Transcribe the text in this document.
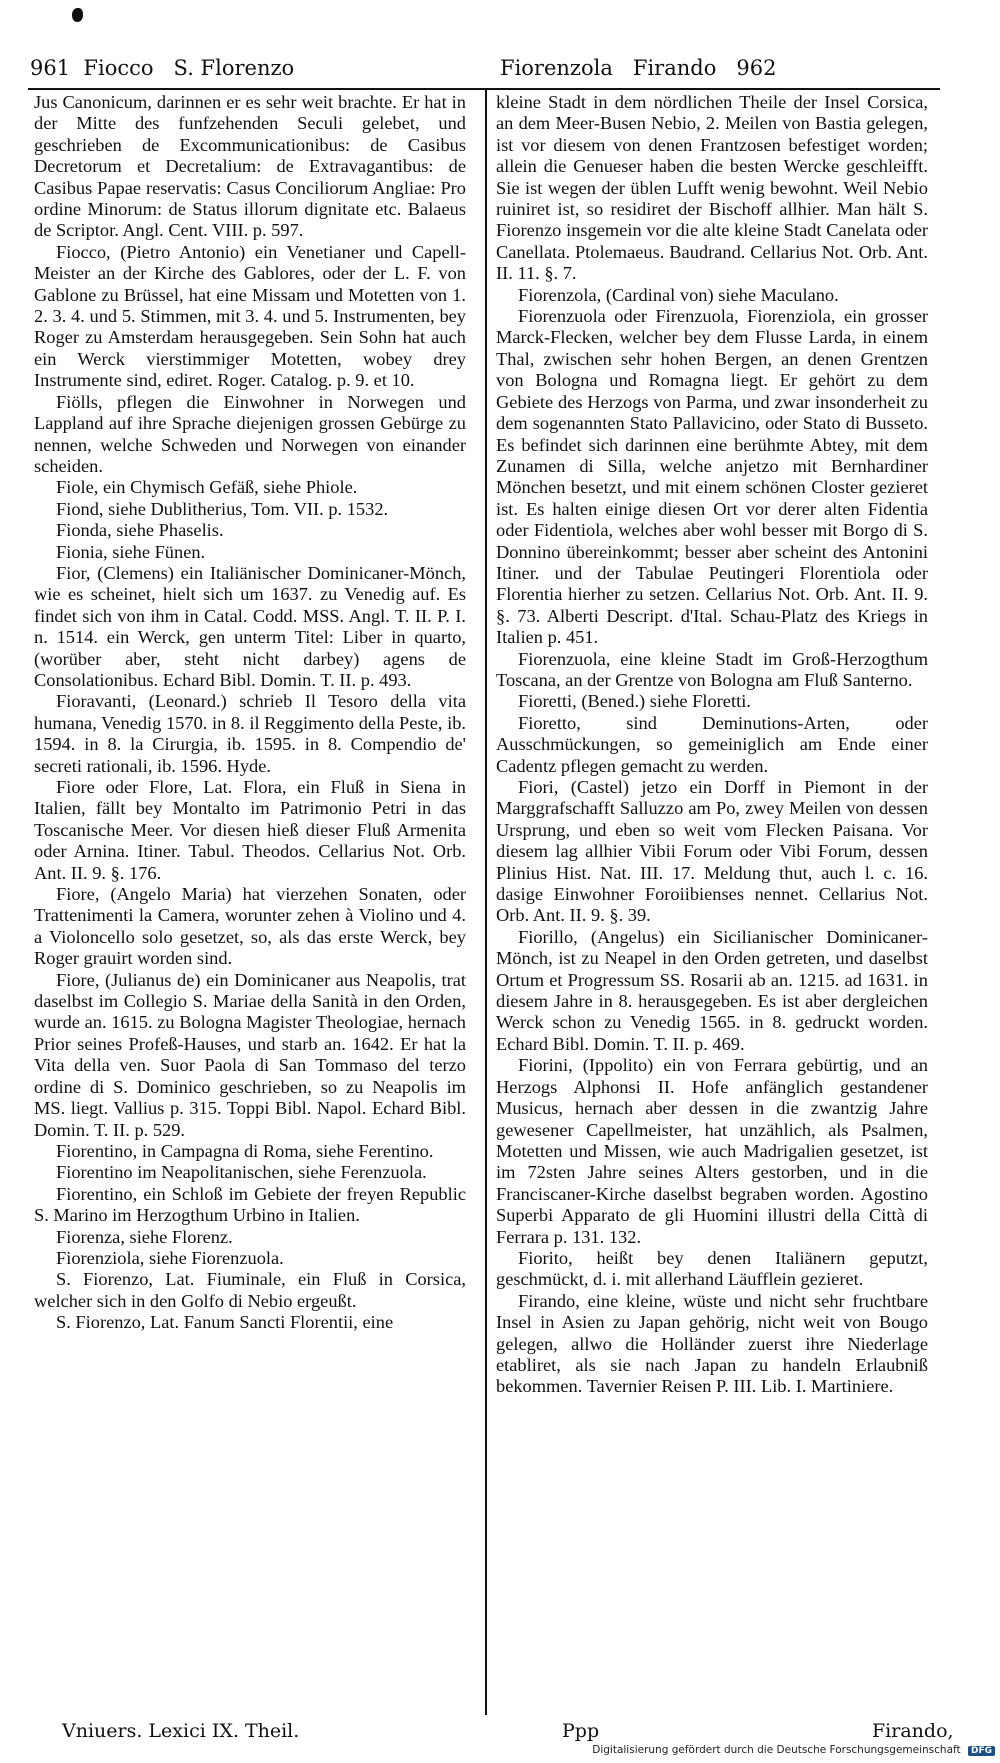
961  Fiocco   S. Florenzo	Fiorenzola   Firando   962

Jus Canonicum, darinnen er es sehr weit brachte. Er hat in der Mitte des funfzehenden Seculi gelebet, und geschrieben de Excommunicationibus: de Casibus Decretorum et Decretalium: de Extravagantibus: de Casibus Papae reservatis: Casus Conciliorum Angliae: Pro ordine Minorum: de Status illorum dignitate etc. Balaeus de Scriptor. Angl. Cent. VIII. p. 597.

Fiocco, (Pietro Antonio) ein Venetianer und Capell-Meister an der Kirche des Gablores, oder der L. F. von Gablone zu Brüssel, hat eine Missam und Motetten von 1. 2. 3. 4. und 5. Stimmen, mit 3. 4. und 5. Instrumenten, bey Roger zu Amsterdam herausgegeben. Sein Sohn hat auch ein Werck vierstimmiger Motetten, wobey drey Instrumente sind, ediret. Roger. Catalog. p. 9. et 10.

Fiölls, pflegen die Einwohner in Norwegen und Lappland auf ihre Sprache diejenigen grossen Gebürge zu nennen, welche Schweden und Norwegen von einander scheiden.

Fiole, ein Chymisch Gefäß, siehe Phiole.

Fiond, siehe Dublitherius, Tom. VII. p. 1532.

Fionda, siehe Phaselis.

Fionia, siehe Fünen.

Fior, (Clemens) ein Italiänischer Dominicaner-Mönch, wie es scheinet, hielt sich um 1637. zu Venedig auf. Es findet sich von ihm in Catal. Codd. MSS. Angl. T. II. P. I. n. 1514. ein Werck, gen unterm Titel: Liber in quarto, (worüber aber, steht nicht darbey) agens de Consolationibus. Echard Bibl. Domin. T. II. p. 493.

Fioravanti, (Leonard.) schrieb Il Tesoro della vita humana, Venedig 1570. in 8. il Reggimento della Peste, ib. 1594. in 8. la Cirurgia, ib. 1595. in 8. Compendio de' secreti rationali, ib. 1596. Hyde.

Fiore oder Flore, Lat. Flora, ein Fluß in Siena in Italien, fällt bey Montalto im Patrimonio Petri in das Toscanische Meer. Vor diesen hieß dieser Fluß Armenita oder Arnina. Itiner. Tabul. Theodos. Cellarius Not. Orb. Ant. II. 9. §. 176.

Fiore, (Angelo Maria) hat vierzehen Sonaten, oder Trattenimenti la Camera, worunter zehen à Violino und 4. a Violoncello solo gesetzet, so, als das erste Werck, bey Roger grauirt worden sind.

Fiore, (Julianus de) ein Dominicaner aus Neapolis, trat daselbst im Collegio S. Mariae della Sanità in den Orden, wurde an. 1615. zu Bologna Magister Theologiae, hernach Prior seines Profeß-Hauses, und starb an. 1642. Er hat la Vita della ven. Suor Paola di San Tommaso del terzo ordine di S. Dominico geschrieben, so zu Neapolis im MS. liegt. Vallius p. 315. Toppi Bibl. Napol. Echard Bibl. Domin. T. II. p. 529.

Fiorentino, in Campagna di Roma, siehe Ferentino.

Fiorentino im Neapolitanischen, siehe Ferenzuola.

Fiorentino, ein Schloß im Gebiete der freyen Republic S. Marino im Herzogthum Urbino in Italien.

Fiorenza, siehe Florenz.

Fiorenziola, siehe Fiorenzuola.

S. Fiorenzo, Lat. Fiuminale, ein Fluß in Corsica, welcher sich in den Golfo di Nebio ergeußt.

S. Fiorenzo, Lat. Fanum Sancti Florentii, eine

kleine Stadt in dem nördlichen Theile der Insel Corsica, an dem Meer-Busen Nebio, 2. Meilen von Bastia gelegen, ist vor diesem von denen Frantzosen befestiget worden; allein die Genueser haben die besten Wercke geschleifft. Sie ist wegen der üblen Lufft wenig bewohnt. Weil Nebio ruiniret ist, so residiret der Bischoff allhier. Man hält S. Fiorenzo insgemein vor die alte kleine Stadt Canelata oder Canellata. Ptolemaeus. Baudrand. Cellarius Not. Orb. Ant. II. 11. §. 7.

Fiorenzola, (Cardinal von) siehe Maculano.

Fiorenzuola oder Firenzuola, Fiorenziola, ein grosser Marck-Flecken, welcher bey dem Flusse Larda, in einem Thal, zwischen sehr hohen Bergen, an denen Grentzen von Bologna und Romagna liegt. Er gehört zu dem Gebiete des Herzogs von Parma, und zwar insonderheit zu dem sogenannten Stato Pallavicino, oder Stato di Busseto. Es befindet sich darinnen eine berühmte Abtey, mit dem Zunamen di Silla, welche anjetzo mit Bernhardiner Mönchen besetzt, und mit einem schönen Closter gezieret ist. Es halten einige diesen Ort vor derer alten Fidentia oder Fidentiola, welches aber wohl besser mit Borgo di S. Donnino übereinkommt; besser aber scheint des Antonini Itiner. und der Tabulae Peutingeri Florentiola oder Florentia hierher zu setzen. Cellarius Not. Orb. Ant. II. 9. §. 73. Alberti Descript. d'Ital. Schau-Platz des Kriegs in Italien p. 451.

Fiorenzuola, eine kleine Stadt im Groß-Herzogthum Toscana, an der Grentze von Bologna am Fluß Santerno.

Fioretti, (Bened.) siehe Floretti.

Fioretto, sind Deminutions-Arten, oder Ausschmückungen, so gemeiniglich am Ende einer Cadentz pflegen gemacht zu werden.

Fiori, (Castel) jetzo ein Dorff in Piemont in der Marggrafschafft Salluzzo am Po, zwey Meilen von dessen Ursprung, und eben so weit vom Flecken Paisana. Vor diesem lag allhier Vibii Forum oder Vibi Forum, dessen Plinius Hist. Nat. III. 17. Meldung thut, auch l. c. 16. dasige Einwohner Foroiibienses nennet. Cellarius Not. Orb. Ant. II. 9. §. 39.

Fiorillo, (Angelus) ein Sicilianischer Dominicaner-Mönch, ist zu Neapel in den Orden getreten, und daselbst Ortum et Progressum SS. Rosarii ab an. 1215. ad 1631. in diesem Jahre in 8. herausgegeben. Es ist aber dergleichen Werck schon zu Venedig 1565. in 8. gedruckt worden. Echard Bibl. Domin. T. II. p. 469.

Fiorini, (Ippolito) ein von Ferrara gebürtig, und an Herzogs Alphonsi II. Hofe anfänglich gestandener Musicus, hernach aber dessen in die zwantzig Jahre gewesener Capellmeister, hat unzählich, als Psalmen, Motetten und Missen, wie auch Madrigalien gesetzet, ist im 72sten Jahre seines Alters gestorben, und in die Franciscaner-Kirche daselbst begraben worden. Agostino Superbi Apparato de gli Huomini illustri della Città di Ferrara p. 131. 132.

Fiorito, heißt bey denen Italiänern geputzt, geschmückt, d. i. mit allerhand Läufflein gezieret.

Firando, eine kleine, wüste und nicht sehr fruchtbare Insel in Asien zu Japan gehörig, nicht weit von Bougo gelegen, allwo die Holländer zuerst ihre Niederlage etabliret, als sie nach Japan zu handeln Erlaubniß bekommen. Tavernier Reisen P. III. Lib. I. Martiniere.

Vniuers. Lexici IX. Theil.	Ppp	Firando,
Digitalisierung gefördert durch die Deutsche Forschungsgemeinschaft DFG
